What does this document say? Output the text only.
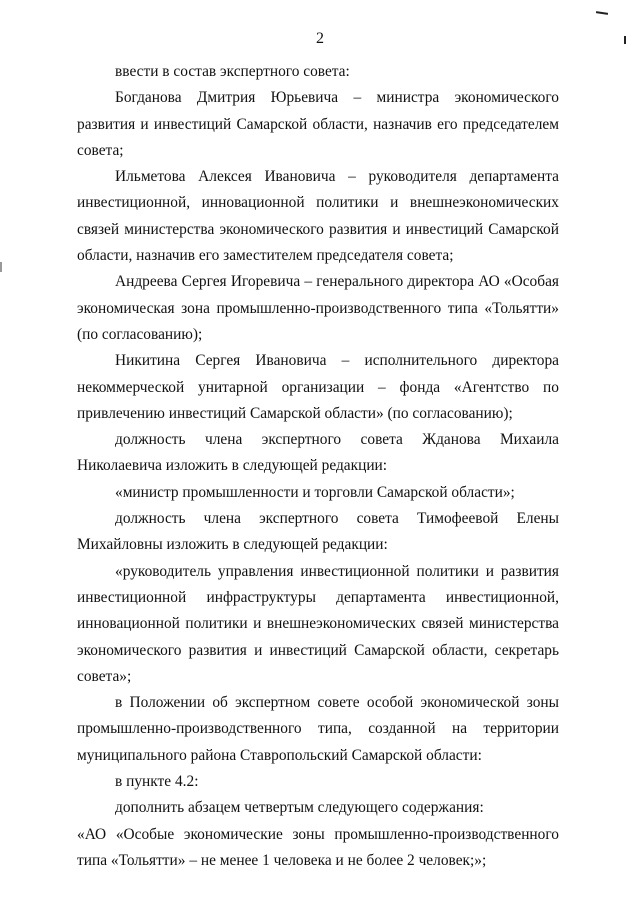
2

ввести в состав экспертного совета:

Богданова Дмитрия Юрьевича – министра экономического развития и инвестиций Самарской области, назначив его председателем совета;

Ильметова Алексея Ивановича – руководителя департамента инвестиционной, инновационной политики и внешнеэкономических связей министерства экономического развития и инвестиций Самарской области, назначив его заместителем председателя совета;

Андреева Сергея Игоревича – генерального директора АО «Особая экономическая зона промышленно-производственного типа «Тольятти» (по согласованию);

Никитина Сергея Ивановича – исполнительного директора некоммерческой унитарной организации – фонда «Агентство по привлечению инвестиций Самарской области» (по согласованию);

должность члена экспертного совета Жданова Михаила Николаевича изложить в следующей редакции:

«министр промышленности и торговли Самарской области»;

должность члена экспертного совета Тимофеевой Елены Михайловны изложить в следующей редакции:

«руководитель управления инвестиционной политики и развития инвестиционной инфраструктуры департамента инвестиционной, инновационной политики и внешнеэкономических связей министерства экономического развития и инвестиций Самарской области, секретарь совета»;

в Положении об экспертном совете особой экономической зоны промышленно-производственного типа, созданной на территории муниципального района Ставропольский Самарской области:

в пункте 4.2:

дополнить абзацем четвертым следующего содержания:

«АО «Особые экономические зоны промышленно-производственного типа «Тольятти» – не менее 1 человека и не более 2 человек;»;
